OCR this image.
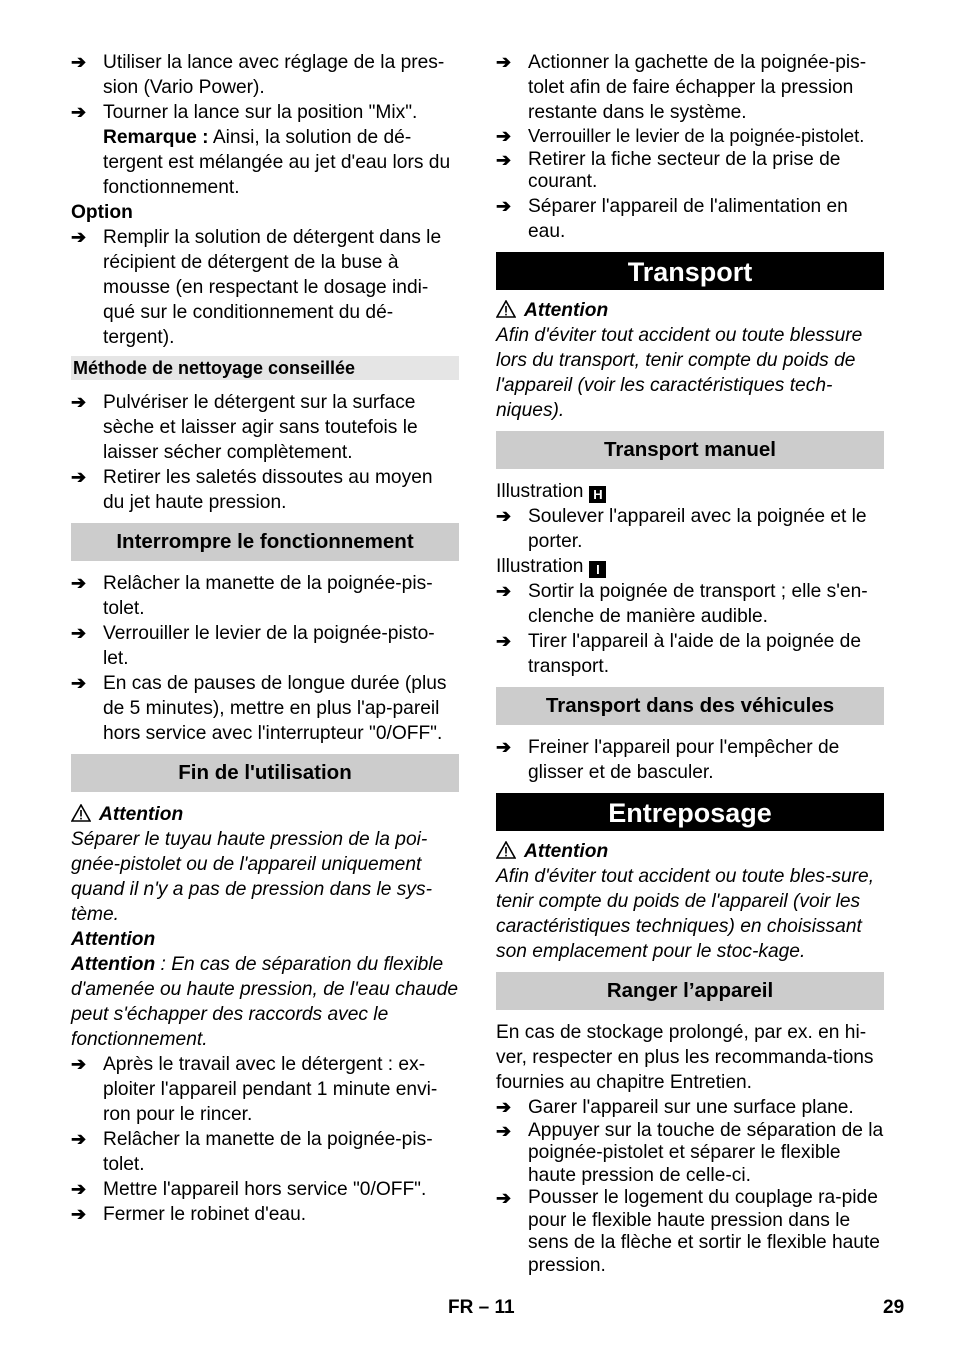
➔ Utiliser la lance avec réglage de la pres-sion (Vario Power).
➔ Tourner la lance sur la position "Mix".
Remarque : Ainsi, la solution de dé-tergent est mélangée au jet d'eau lors du fonctionnement.
Option
➔ Remplir la solution de détergent dans le récipient de détergent de la buse à mousse (en respectant le dosage indi-qué sur le conditionnement du dé-tergent).
Méthode de nettoyage conseillée
➔ Pulvériser le détergent sur la surface sèche et laisser agir sans toutefois le laisser sécher complètement.
➔ Retirer les saletés dissoutes au moyen du jet haute pression.
Interrompre le fonctionnement
➔ Relâcher la manette de la poignée-pis-tolet.
➔ Verrouiller le levier de la poignée-pisto-let.
➔ En cas de pauses de longue durée (plus de 5 minutes), mettre en plus l'ap-pareil hors service avec l'interrupteur "0/OFF".
Fin de l'utilisation
Attention
Séparer le tuyau haute pression de la poi-gnée-pistolet ou de l'appareil uniquement quand il n'y a pas de pression dans le sys-tème.
Attention
Attention : En cas de séparation du flexible d'amenée ou haute pression, de l'eau chaude peut s'échapper des raccords avec le fonctionnement.
➔ Après le travail avec le détergent : ex-ploiter l'appareil pendant 1 minute envi-ron pour le rincer.
➔ Relâcher la manette de la poignée-pis-tolet.
➔ Mettre l'appareil hors service "0/OFF".
➔ Fermer le robinet d'eau.
➔ Actionner la gachette de la poignée-pis-tolet afin de faire échapper la pression restante dans le système.
➔ Verrouiller le levier de la poignée-pistolet.
➔ Retirer la fiche secteur de la prise de courant.
➔ Séparer l'appareil de l'alimentation en eau.
Transport
Attention
Afin d'éviter tout accident ou toute blessure lors du transport, tenir compte du poids de l'appareil (voir les caractéristiques tech-niques).
Transport manuel
Illustration H
➔ Soulever l'appareil avec la poignée et le porter.
Illustration I
➔ Sortir la poignée de transport ; elle s'en-clenche de manière audible.
➔ Tirer l'appareil à l'aide de la poignée de transport.
Transport dans des véhicules
➔ Freiner l'appareil pour l'empêcher de glisser et de basculer.
Entreposage
Attention
Afin d'éviter tout accident ou toute bles-sure, tenir compte du poids de l'appareil (voir les caractéristiques techniques) en choisissant son emplacement pour le stoc-kage.
Ranger l’appareil
En cas de stockage prolongé, par ex. en hi-ver, respecter en plus les recommanda-tions fournies au chapitre Entretien.
➔ Garer l'appareil sur une surface plane.
➔ Appuyer sur la touche de séparation de la poignée-pistolet et séparer le flexible haute pression de celle-ci.
➔ Pousser le logement du couplage ra-pide pour le flexible haute pression dans le sens de la flèche et sortir le flexible haute pression.
FR – 11	29
